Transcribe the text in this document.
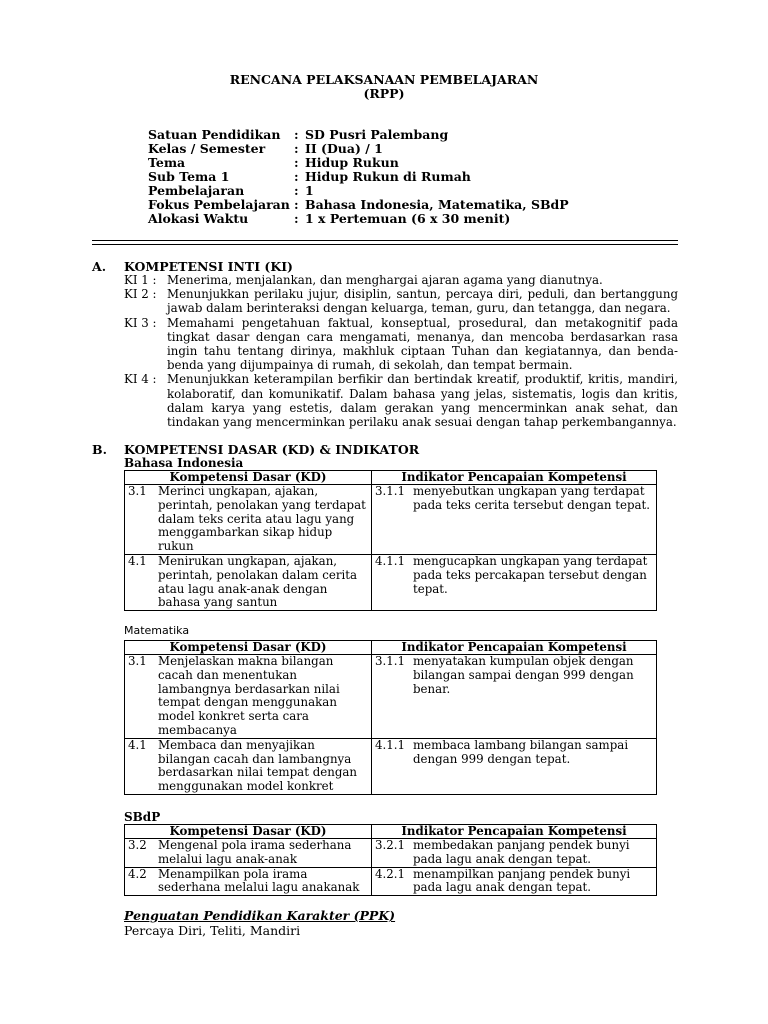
RENCANA PELAKSANAAN PEMBELAJARAN
(RPP)
Satuan Pendidikan : SD Pusri Palembang
Kelas / Semester : II (Dua) / 1
Tema	: Hidup Rukun
Sub Tema 1	: Hidup Rukun di Rumah
Pembelajaran	: 1
Fokus Pembelajaran : Bahasa Indonesia, Matematika, SBdP
Alokasi Waktu	: 1 x Pertemuan (6 x 30 menit)
A. KOMPETENSI INTI (KI)
KI 1 : Menerima, menjalankan, dan menghargai ajaran agama yang dianutnya.
KI 2 : Menunjukkan perilaku jujur, disiplin, santun, percaya diri, peduli, dan bertanggung jawab dalam berinteraksi dengan keluarga, teman, guru, dan tetangga, dan negara.
KI 3 : Memahami pengetahuan faktual, konseptual, prosedural, dan metakognitif pada tingkat dasar dengan cara mengamati, menanya, dan mencoba berdasarkan rasa ingin tahu tentang dirinya, makhluk ciptaan Tuhan dan kegiatannya, dan benda-benda yang dijumpainya di rumah, di sekolah, dan tempat bermain.
KI 4 : Menunjukkan keterampilan berfikir dan bertindak kreatif, produktif, kritis, mandiri, kolaboratif, dan komunikatif. Dalam bahasa yang jelas, sistematis, logis dan kritis, dalam karya yang estetis, dalam gerakan yang mencerminkan anak sehat, dan tindakan yang mencerminkan perilaku anak sesuai dengan tahap perkembangannya.
B. KOMPETENSI DASAR (KD) & INDIKATOR
Bahasa Indonesia
Kompetensi Dasar (KD)	Indikator Pencapaian Kompetensi

3.1 Merinci ungkapan, ajakan, perintah, penolakan yang terdapat dalam teks cerita atau lagu yang menggambarkan sikap hidup rukun	3.1.1 menyebutkan ungkapan yang terdapat pada teks cerita tersebut dengan tepat.

4.1 Menirukan ungkapan, ajakan, perintah, penolakan dalam cerita atau lagu anak-anak dengan bahasa yang santun	4.1.1 mengucapkan ungkapan yang terdapat pada teks percakapan tersebut dengan tepat.
Matematika
Kompetensi Dasar (KD)	Indikator Pencapaian Kompetensi

3.1 Menjelaskan makna bilangan cacah dan menentukan lambangnya berdasarkan nilai tempat dengan menggunakan model konkret serta cara membacanya	3.1.1 menyatakan kumpulan objek dengan bilangan sampai dengan 999 dengan benar.

4.1 Membaca dan menyajikan bilangan cacah dan lambangnya berdasarkan nilai tempat dengan menggunakan model konkret	4.1.1 membaca lambang bilangan sampai dengan 999 dengan tepat.
SBdP
Kompetensi Dasar (KD)	Indikator Pencapaian Kompetensi

3.2 Mengenal pola irama sederhana melalui lagu anak-anak	3.2.1 membedakan panjang pendek bunyi pada lagu anak dengan tepat.

4.2 Menampilkan pola irama sederhana melalui lagu anakanak	4.2.1 menampilkan panjang pendek bunyi pada lagu anak dengan tepat.
Penguatan Pendidikan Karakter (PPK)
Percaya Diri, Teliti, Mandiri
